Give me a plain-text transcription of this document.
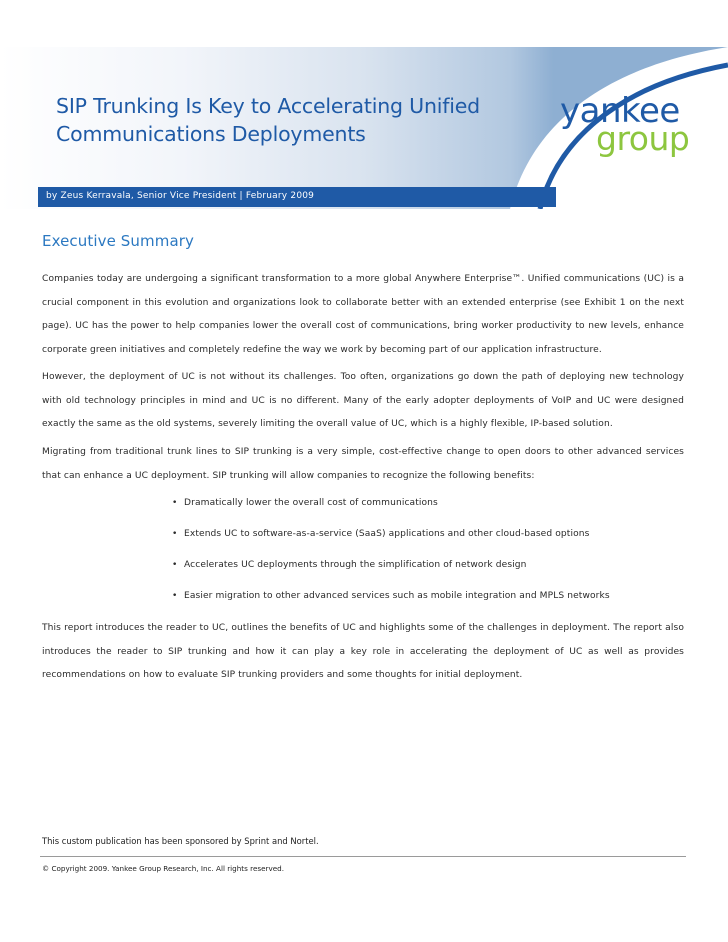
SIP Trunking Is Key to Accelerating Unified
Communications Deployments
yankee
group
by Zeus Kerravala, Senior Vice President | February 2009
Executive Summary

Companies today are undergoing a significant transformation to a more global Anywhere Enterprise™. Unified communications (UC) is a crucial component in this evolution and organizations look to collaborate better with an extended enterprise (see Exhibit 1 on the next page). UC has the power to help companies lower the overall cost of communications, bring worker productivity to new levels, enhance corporate green initiatives and completely redefine the way we work by becoming part of our application infrastructure.

However, the deployment of UC is not without its challenges. Too often, organizations go down the path of deploying new technology with old technology principles in mind and UC is no different. Many of the early adopter deployments of VoIP and UC were designed exactly the same as the old systems, severely limiting the overall value of UC, which is a highly flexible, IP-based solution.

Migrating from traditional trunk lines to SIP trunking is a very simple, cost-effective change to open doors to other advanced services that can enhance a UC deployment. SIP trunking will allow companies to recognize the following benefits:

• Dramatically lower the overall cost of communications
• Extends UC to software-as-a-service (SaaS) applications and other cloud-based options
• Accelerates UC deployments through the simplification of network design
• Easier migration to other advanced services such as mobile integration and MPLS networks

This report introduces the reader to UC, outlines the benefits of UC and highlights some of the challenges in deployment. The report also introduces the reader to SIP trunking and how it can play a key role in accelerating the deployment of UC as well as provides recommendations on how to evaluate SIP trunking providers and some thoughts for initial deployment.

This custom publication has been sponsored by Sprint and Nortel.
© Copyright 2009. Yankee Group Research, Inc. All rights reserved.
